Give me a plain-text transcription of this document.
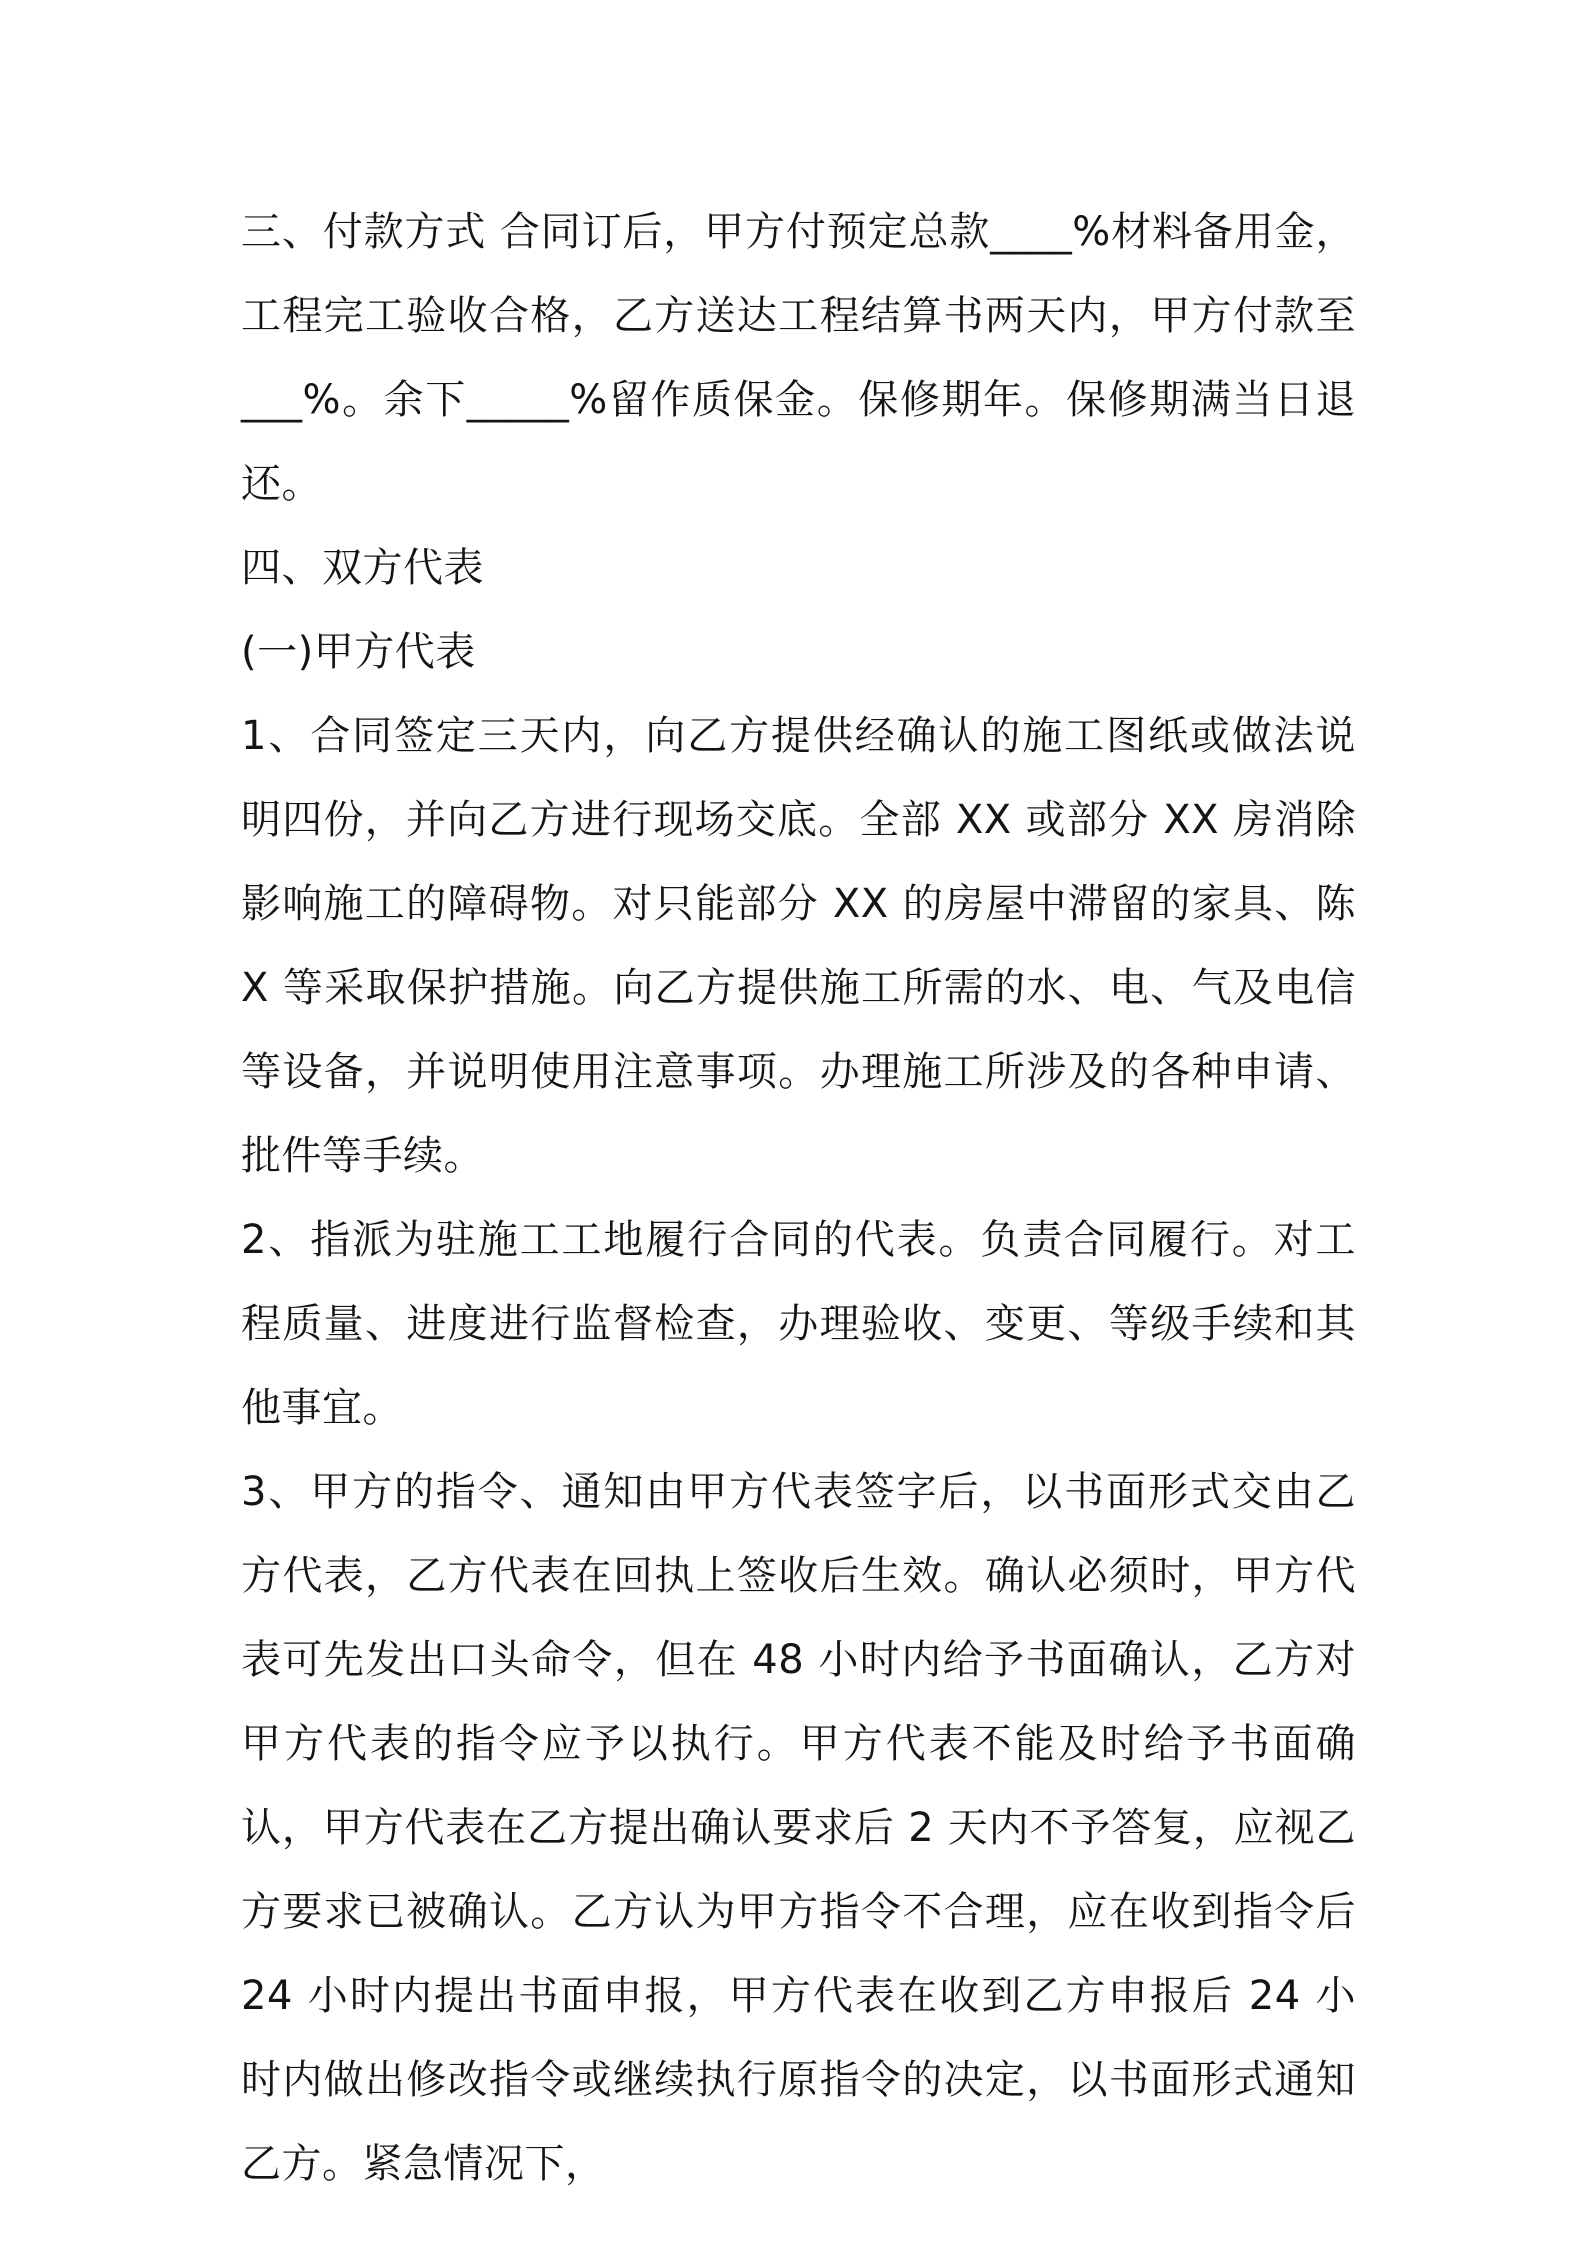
三、付款方式 合同订后，甲方付预定总款____%材料备用金，工程完工验收合格，乙方送达工程结算书两天内，甲方付款至___%。余下_____%留作质保金。保修期年。保修期满当日退还。

四、双方代表

(一)甲方代表

1、合同签定三天内，向乙方提供经确认的施工图纸或做法说明四份，并向乙方进行现场交底。全部 XX 或部分 XX 房消除影响施工的障碍物。对只能部分 XX 的房屋中滞留的家具、陈 X 等采取保护措施。向乙方提供施工所需的水、电、气及电信等设备，并说明使用注意事项。办理施工所涉及的各种申请、批件等手续。

2、指派为驻施工工地履行合同的代表。负责合同履行。对工程质量、进度进行监督检查，办理验收、变更、等级手续和其他事宜。

3、甲方的指令、通知由甲方代表签字后，以书面形式交由乙方代表，乙方代表在回执上签收后生效。确认必须时，甲方代表可先发出口头命令，但在 48 小时内给予书面确认，乙方对甲方代表的指令应予以执行。甲方代表不能及时给予书面确认，甲方代表在乙方提出确认要求后 2 天内不予答复，应视乙方要求已被确认。乙方认为甲方指令不合理，应在收到指令后 24 小时内提出书面申报，甲方代表在收到乙方申报后 24 小时内做出修改指令或继续执行原指令的决定，以书面形式通知乙方。紧急情况下，
